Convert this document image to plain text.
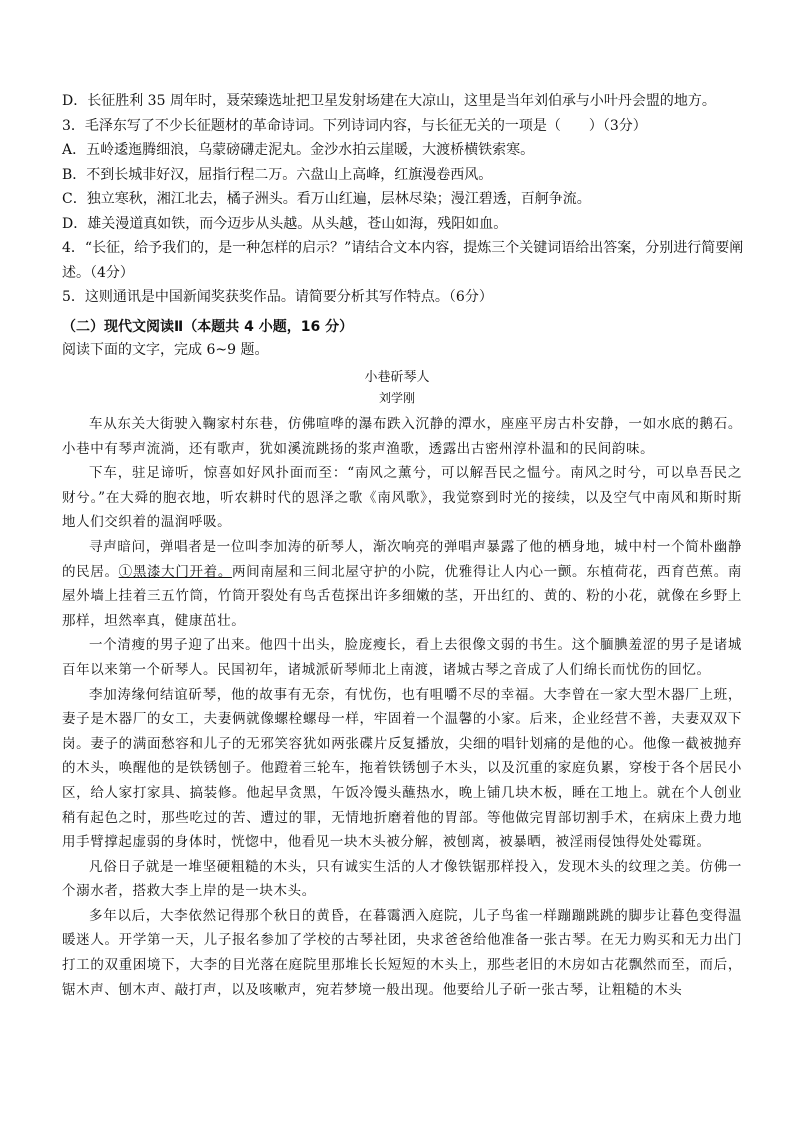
D．长征胜利 35 周年时，聂荣臻选址把卫星发射场建在大凉山，这里是当年刘伯承与小叶丹会盟的地方。

3．毛泽东写了不少长征题材的革命诗词。下列诗词内容，与长征无关的一项是（　　）（3分）

A．五岭逶迤腾细浪，乌蒙磅礴走泥丸。金沙水拍云崖暖，大渡桥横铁索寒。

B．不到长城非好汉，屈指行程二万。六盘山上高峰，红旗漫卷西风。

C．独立寒秋，湘江北去，橘子洲头。看万山红遍，层林尽染；漫江碧透，百舸争流。

D．雄关漫道真如铁，而今迈步从头越。从头越，苍山如海，残阳如血。

4．“长征，给予我们的，是一种怎样的启示？”请结合文本内容，提炼三个关键词语给出答案，分别进行简要阐述。（4分）

5．这则通讯是中国新闻奖获奖作品。请简要分析其写作特点。（6分）

（二）现代文阅读Ⅱ（本题共 4 小题，16 分）
阅读下面的文字，完成 6~9 题。
小巷斫琴人
刘学刚

车从东关大街驶入鞠家村东巷，仿佛喧哗的瀑布跌入沉静的潭水，座座平房古朴安静，一如水底的鹅石。小巷中有琴声流淌，还有歌声，犹如溪流跳扬的浆声渔歌，透露出古密州淳朴温和的民间韵味。

下车，驻足谛听，惊喜如好风扑面而至：“南风之薰兮，可以解吾民之愠兮。南风之时兮，可以阜吾民之财兮。”在大舜的胞衣地，听农耕时代的恩泽之歌《南风歌》，我觉察到时光的接续，以及空气中南风和斯时斯地人们交织着的温润呼吸。

寻声暗问，弹唱者是一位叫李加涛的斫琴人，渐次响亮的弹唱声暴露了他的栖身地，城中村一个简朴幽静的民居。①黑漆大门开着。两间南屋和三间北屋守护的小院，优雅得让人内心一颤。东植荷花，西育芭蕉。南屋外墙上挂着三五竹筒，竹筒开裂处有鸟舌苞探出许多细嫩的茎，开出红的、黄的、粉的小花，就像在乡野上那样，坦然率真，健康茁壮。

一个清瘦的男子迎了出来。他四十出头，脸庞瘦长，看上去很像文弱的书生。这个腼腆羞涩的男子是诸城百年以来第一个斫琴人。民国初年，诸城派斫琴师北上南渡，诸城古琴之音成了人们绵长而忧伤的回忆。

李加涛缘何结谊斫琴，他的故事有无奈，有忧伤，也有咀嚼不尽的幸福。大李曾在一家大型木器厂上班，妻子是木器厂的女工，夫妻俩就像螺栓螺母一样，牢固着一个温馨的小家。后来，企业经营不善，夫妻双双下岗。妻子的满面愁容和儿子的无邪笑容犹如两张碟片反复播放，尖细的唱针划痛的是他的心。他像一截被抛弃的木头，唤醒他的是铁锈刨子。他蹬着三轮车，拖着铁锈刨子木头，以及沉重的家庭负累，穿梭于各个居民小区，给人家打家具、搞装修。他起早贪黑，午饭冷馒头蘸热水，晚上铺几块木板，睡在工地上。就在个人创业稍有起色之时，那些吃过的苦、遭过的罪，无情地折磨着他的胃部。等他做完胃部切割手术，在病床上费力地用手臂撑起虚弱的身体时，恍惚中，他看见一块木头被分解，被刨离，被暴晒，被淫雨侵蚀得处处霉斑。

凡俗日子就是一堆坚硬粗糙的木头，只有诚实生活的人才像铁锯那样投入，发现木头的纹理之美。仿佛一个溺水者，搭救大李上岸的是一块木头。

多年以后，大李依然记得那个秋日的黄昏，在暮霭洒入庭院，儿子鸟雀一样蹦蹦跳跳的脚步让暮色变得温暖迷人。开学第一天，儿子报名参加了学校的古琴社团，央求爸爸给他准备一张古琴。在无力购买和无力出门打工的双重困境下，大李的目光落在庭院里那堆长长短短的木头上，那些老旧的木房如古花飘然而至，而后，锯木声、刨木声、敲打声，以及咳嗽声，宛若梦境一般出现。他要给儿子斫一张古琴，让粗糙的木头
